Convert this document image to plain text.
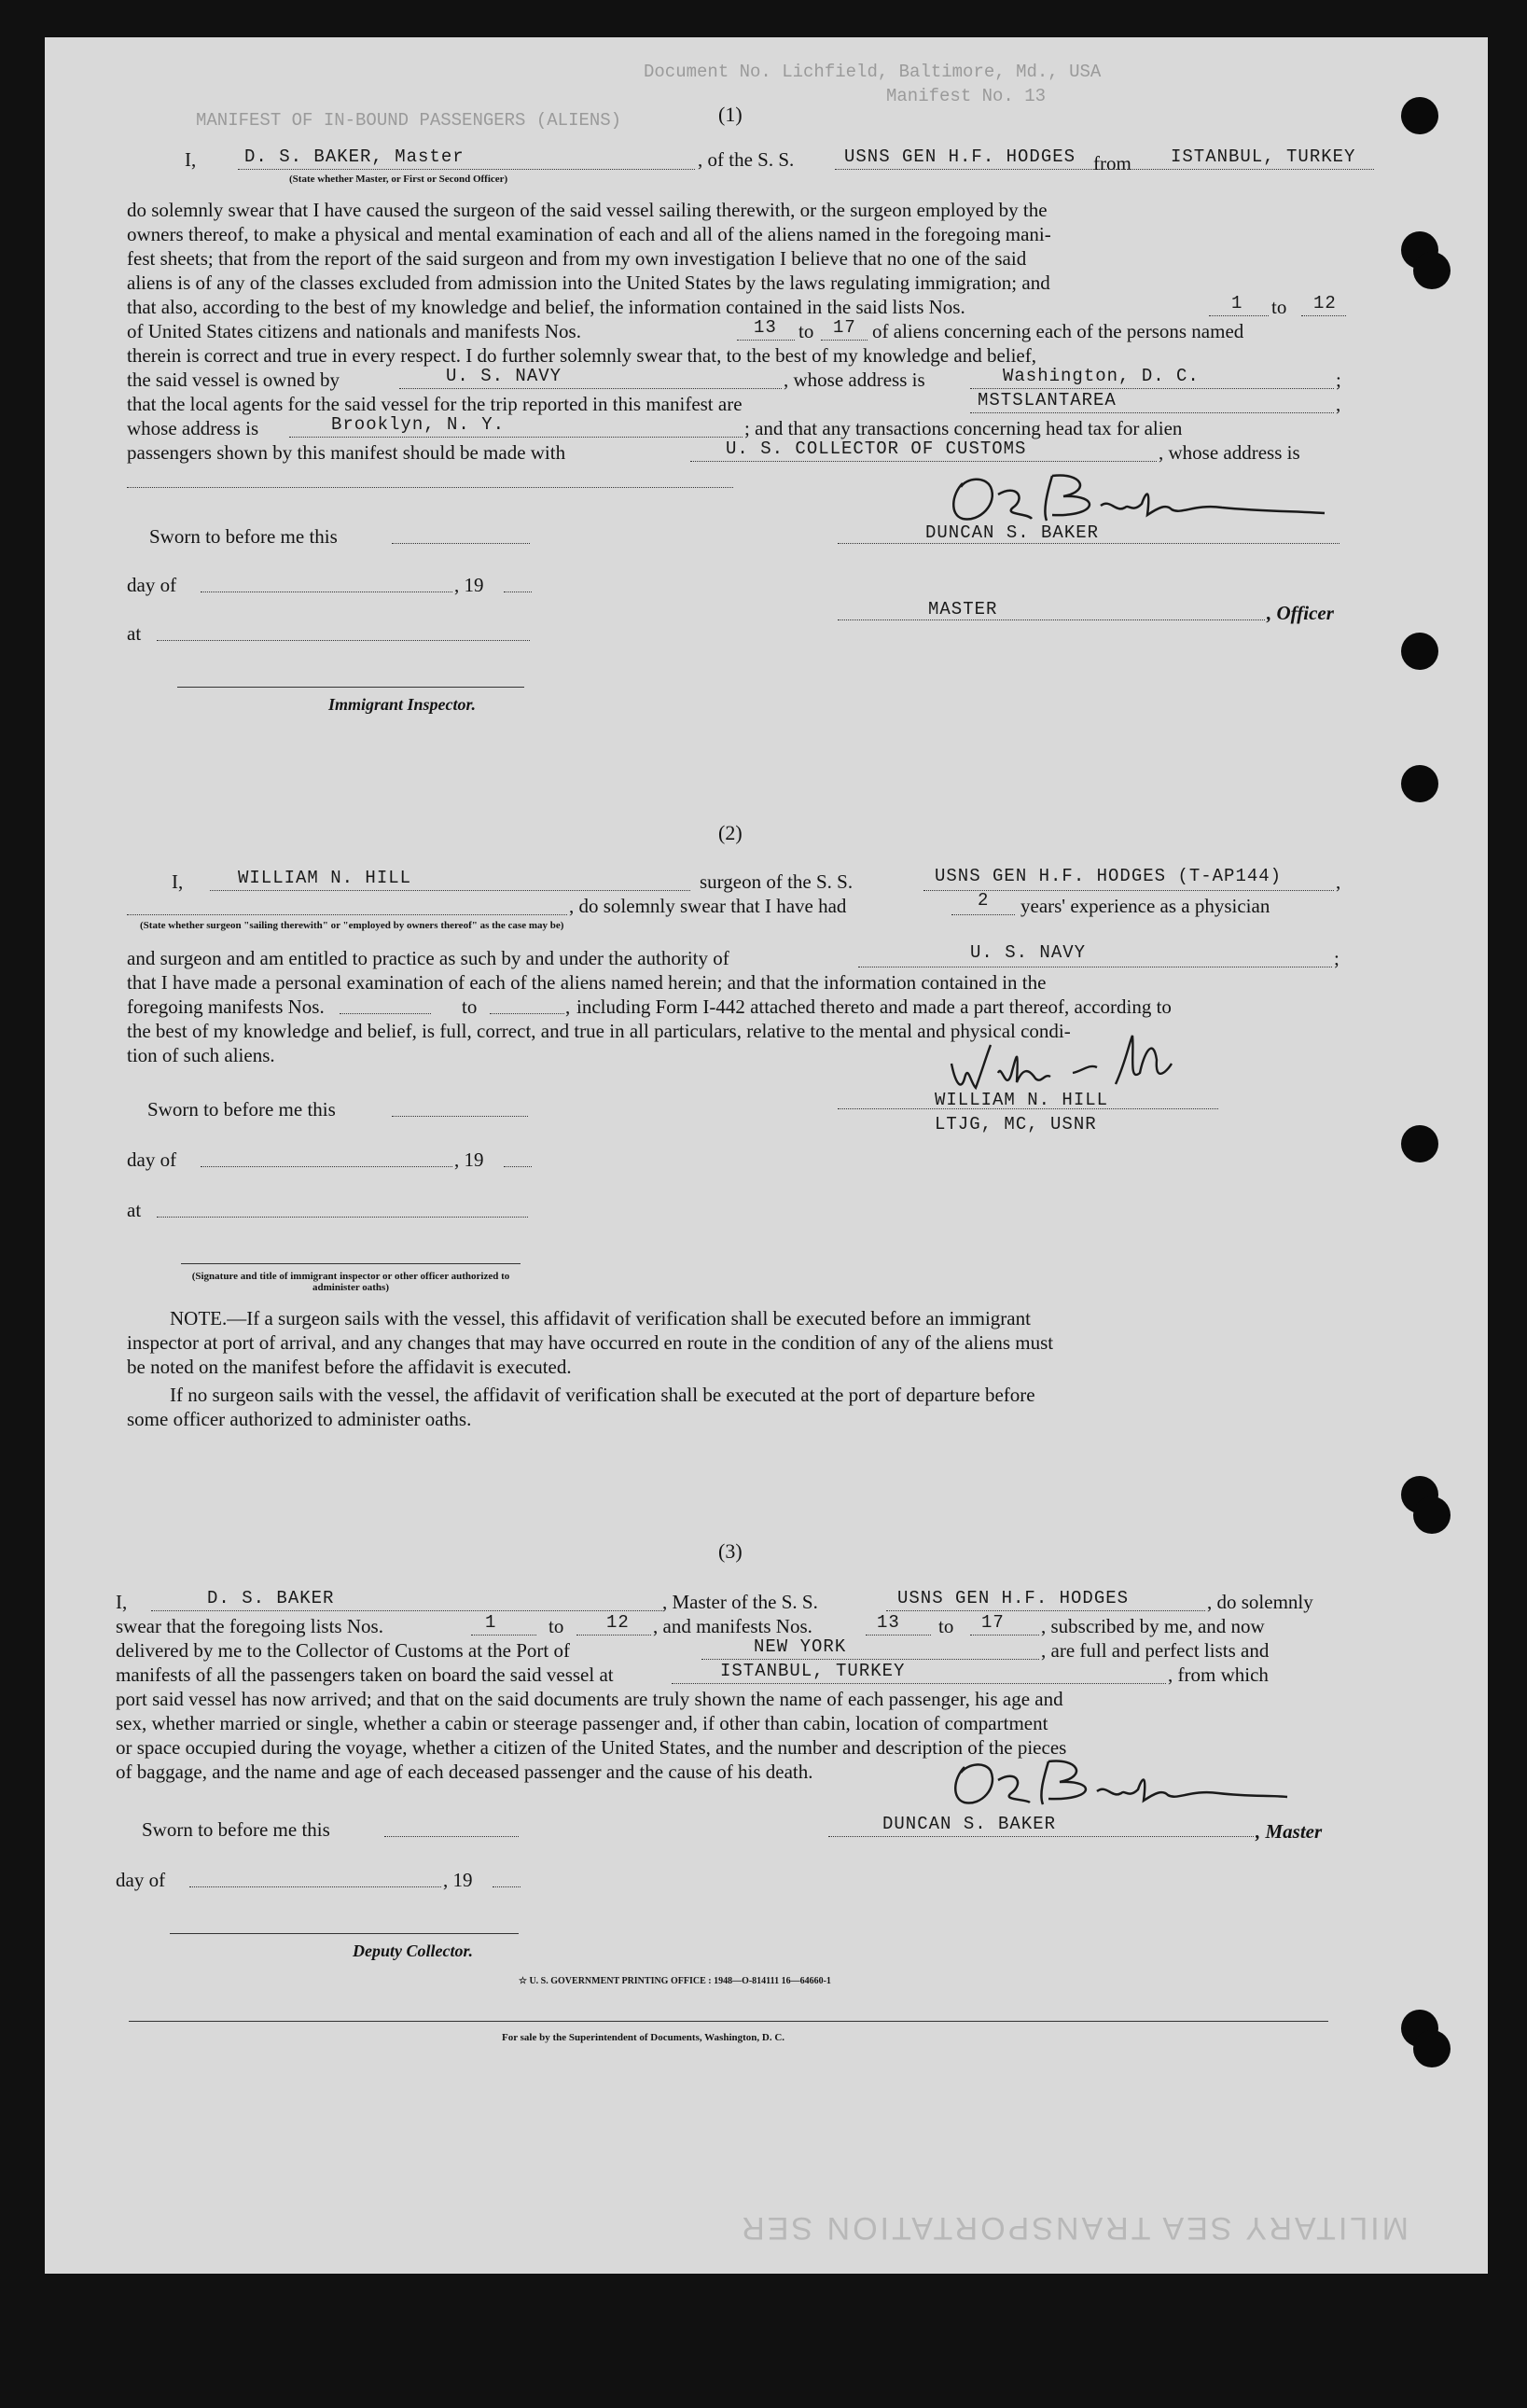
Document No. Lichfield, Baltimore, Md., USA
Manifest No. 13
MANIFEST OF IN-BOUND PASSENGERS (ALIENS)	(1)
I,	D. S. BAKER, Master
(State whether Master, or First or Second Officer)
, of the S. S.	USNS GEN H.F. HODGES from ISTANBUL, TURKEY
do solemnly swear that I have caused the surgeon of the said vessel sailing therewith, or the surgeon employed by the
owners thereof, to make a physical and mental examination of each and all of the aliens named in the foregoing mani-
fest sheets; that from the report of the said surgeon and from my own investigation I believe that no one of the said
aliens is of any of the classes excluded from admission into the United States by the laws regulating immigration; and
that also, according to the best of my knowledge and belief, the information contained in the said lists Nos.	1 to 12
of United States citizens and nationals and manifests Nos.	13 to 17 of aliens concerning each of the persons named
therein is correct and true in every respect. I do further solemnly swear that, to the best of my knowledge and belief,
the said vessel is owned by	U. S. NAVY	, whose address is	Washington, D. C.	;
that the local agents for the said vessel for the trip reported in this manifest are	MSTSLANTAREA	,
whose address is	Brooklyn, N. Y.	; and that any transactions concerning head tax for alien
passengers shown by this manifest should be made with	U. S. COLLECTOR OF CUSTOMS	, whose address is
Sworn to before me this	DUNCAN S. BAKER
day of	, 19
MASTER	, Officer
at
Immigrant Inspector.
(2)
I,	WILLIAM N. HILL	surgeon of the S. S.	USNS GEN H.F. HODGES (T-AP144)	,
, do solemnly swear that I have had	2 years' experience as a physician
(State whether surgeon "sailing therewith" or "employed by owners thereof" as the case may be)
and surgeon and am entitled to practice as such by and under the authority of	U. S. NAVY	;
that I have made a personal examination of each of the aliens named herein; and that the information contained in the
foregoing manifests Nos.	to	, including Form I-442 attached thereto and made a part thereof, according to
the best of my knowledge and belief, is full, correct, and true in all particulars, relative to the mental and physical condi-
tion of such aliens.
Sworn to before me this	WILLIAM N. HILL
LTJG, MC, USNR
day of	, 19
at
(Signature and title of immigrant inspector or other officer authorized to administer oaths)
NOTE.—If a surgeon sails with the vessel, this affidavit of verification shall be executed before an immigrant
inspector at port of arrival, and any changes that may have occurred en route in the condition of any of the aliens must
be noted on the manifest before the affidavit is executed.
If no surgeon sails with the vessel, the affidavit of verification shall be executed at the port of departure before
some officer authorized to administer oaths.
(3)
I,	D. S. BAKER	, Master of the S. S.	USNS GEN H.F. HODGES	, do solemnly
swear that the foregoing lists Nos.	1	to 12 , and manifests Nos.	13 to 17 , subscribed by me, and now
delivered by me to the Collector of Customs at the Port of	NEW YORK	, are full and perfect lists and
manifests of all the passengers taken on board the said vessel at	ISTANBUL, TURKEY	, from which
port said vessel has now arrived; and that on the said documents are truly shown the name of each passenger, his age and
sex, whether married or single, whether a cabin or steerage passenger and, if other than cabin, location of compartment
or space occupied during the voyage, whether a citizen of the United States, and the number and description of the pieces
of baggage, and the name and age of each deceased passenger and the cause of his death.
Sworn to before me this	DUNCAN S. BAKER	, Master
day of	, 19
Deputy Collector.
☆ U. S. GOVERNMENT PRINTING OFFICE : 1948—O-814111 16—64660-1
For sale by the Superintendent of Documents, Washington, D. C.
MILITARY SEA TRANSPORTATION SER
